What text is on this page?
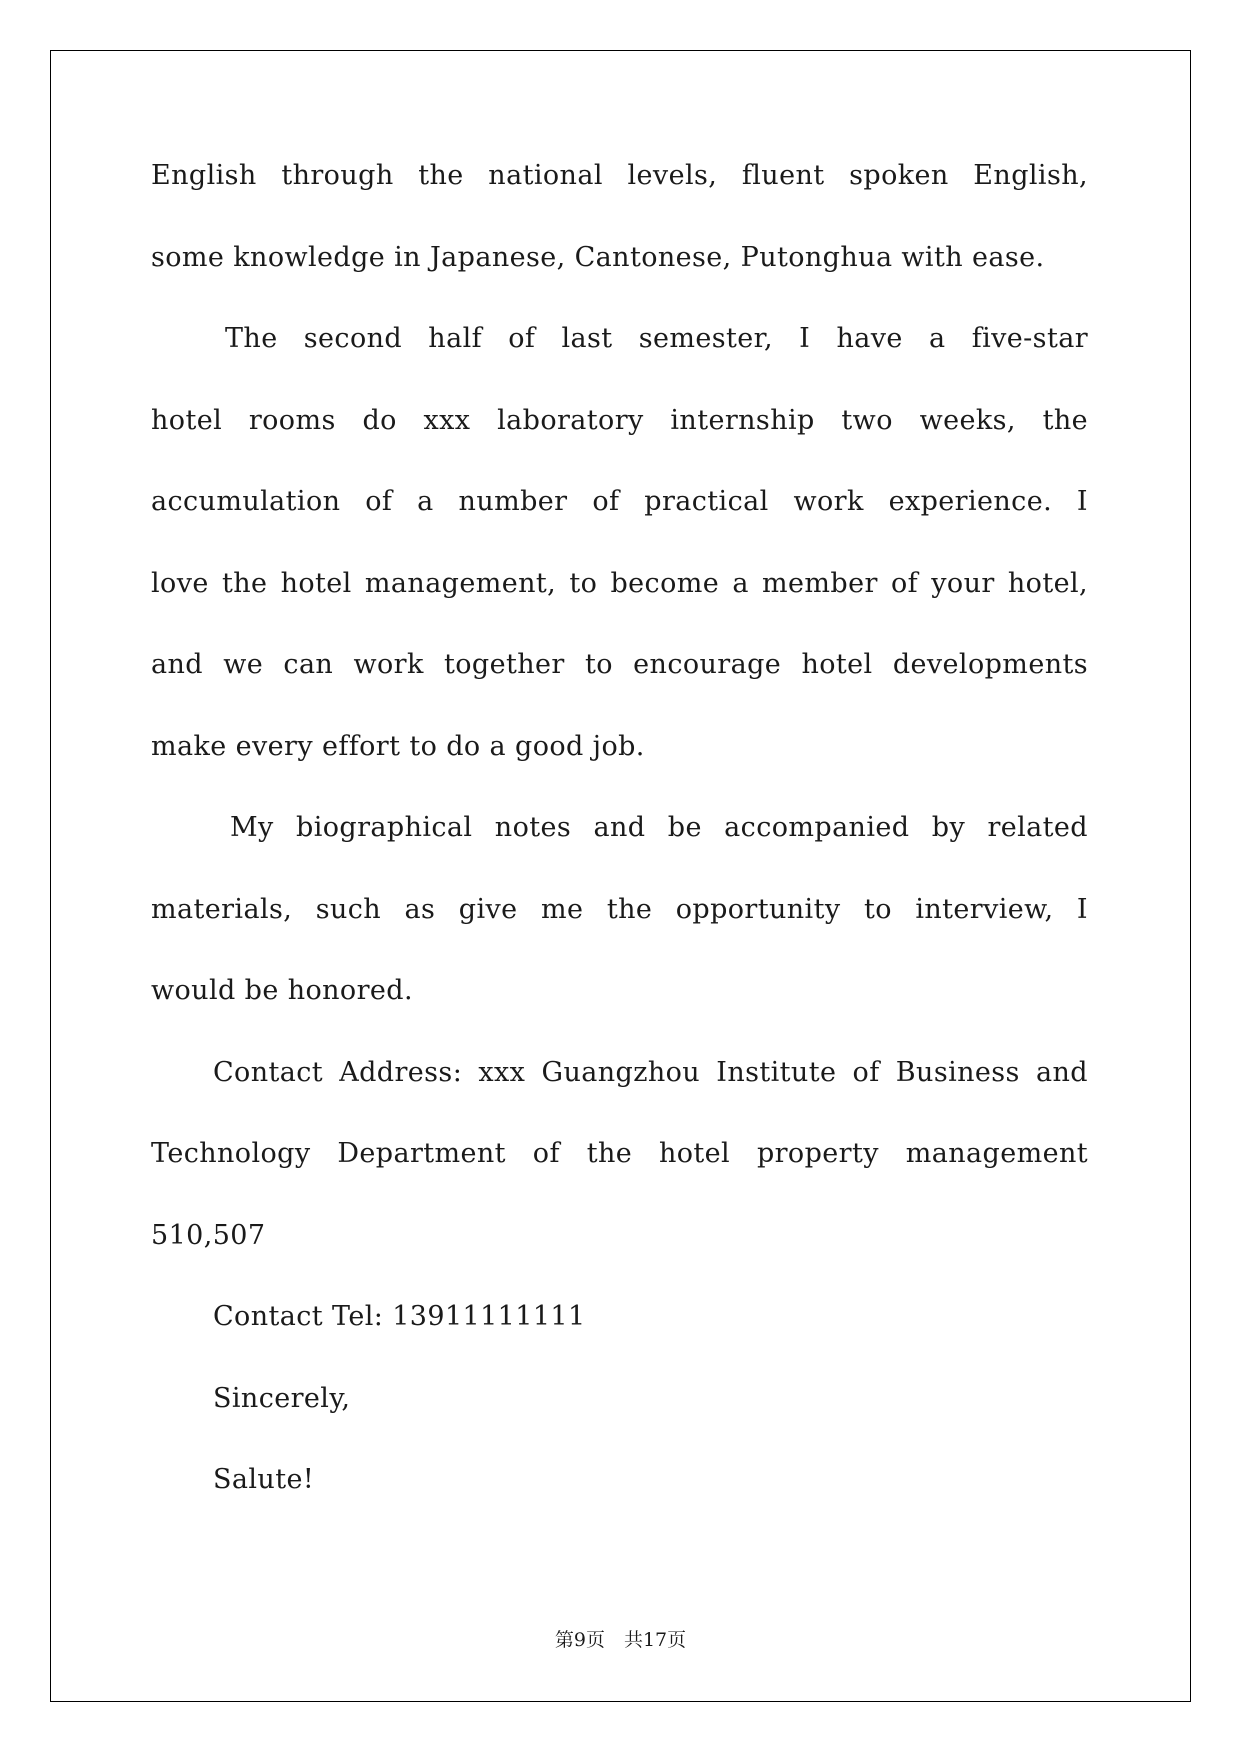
English through the national levels, fluent spoken English,
some knowledge in Japanese, Cantonese, Putonghua with ease.
The second half of last semester, I have a five-star
hotel rooms do xxx laboratory internship two weeks, the
accumulation of a number of practical work experience. I
love the hotel management, to become a member of your hotel,
and we can work together to encourage hotel developments
make every effort to do a good job.
My biographical notes and be accompanied by related
materials, such as give me the opportunity to interview, I
would be honored.
Contact Address: xxx Guangzhou Institute of Business and
Technology Department of the hotel property management
510,507
Contact Tel: 13911111111
Sincerely,
Salute!
第9页　共17页
